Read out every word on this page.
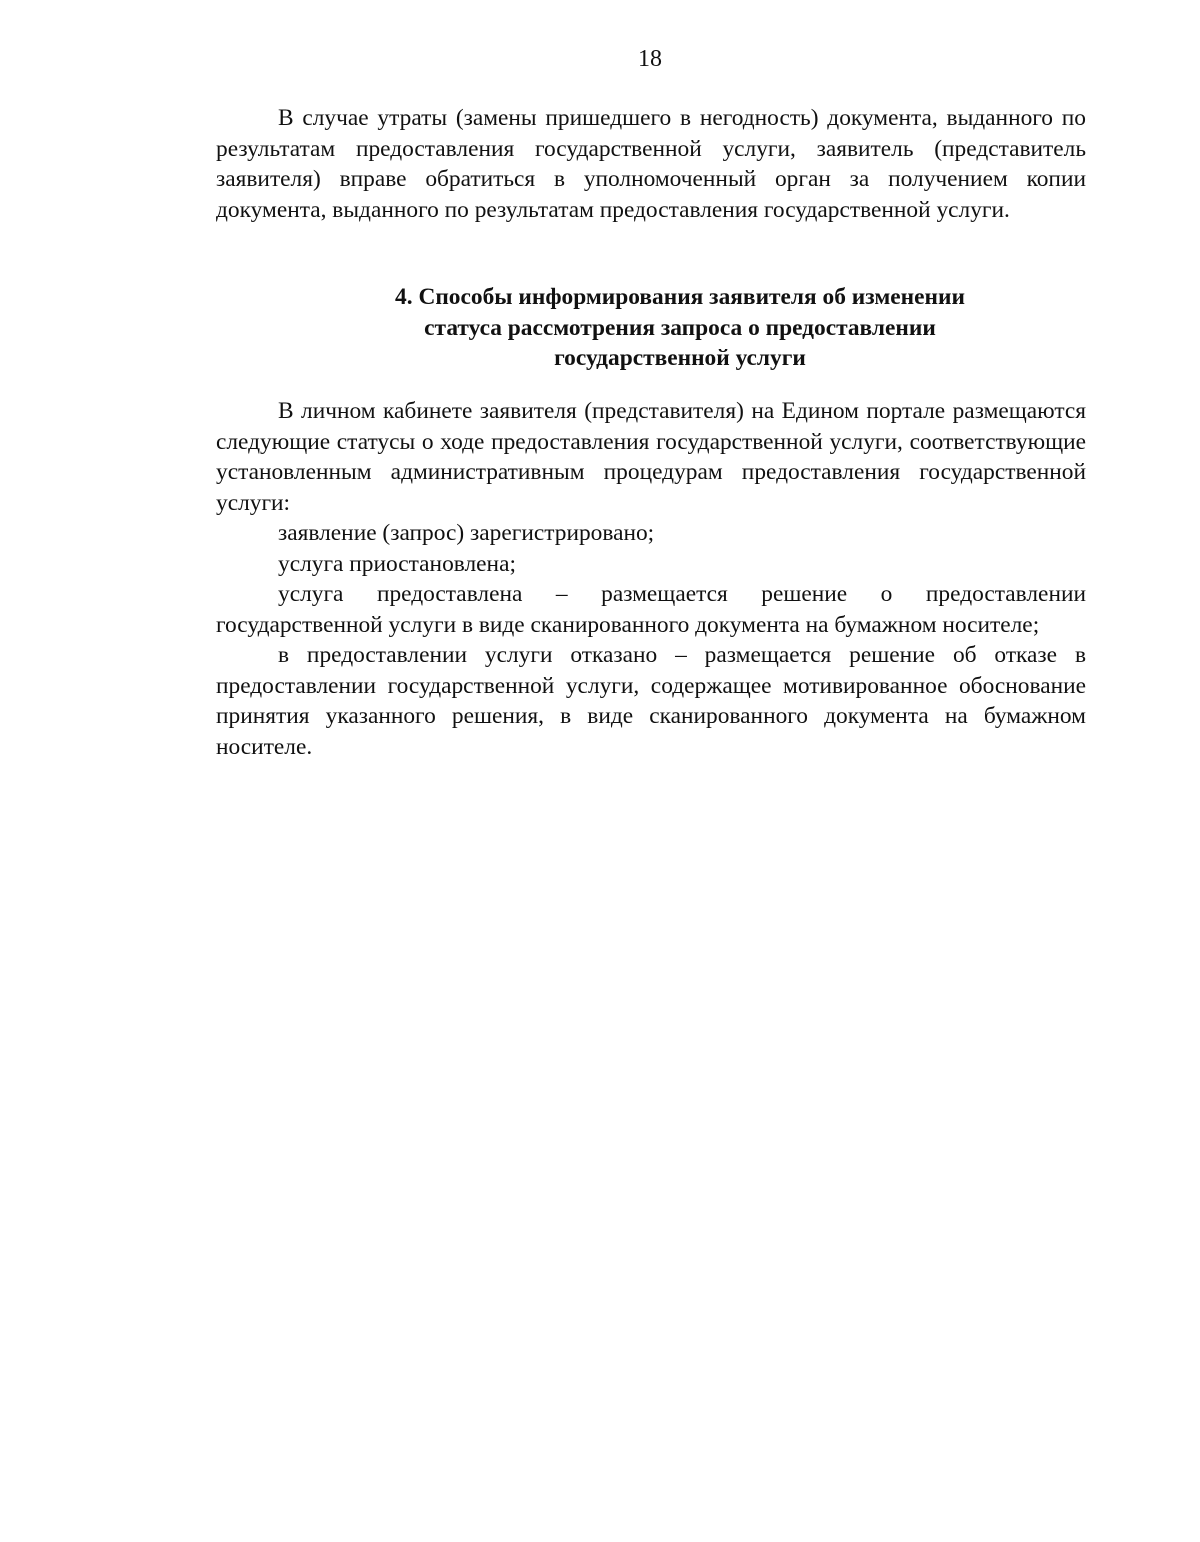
18

В случае утраты (замены пришедшего в негодность) документа, выданного по результатам предоставления государственной услуги, заявитель (представитель заявителя) вправе обратиться в уполномоченный орган за получением копии документа, выданного по результатам предоставления государственной услуги.

4. Способы информирования заявителя об изменении
статуса рассмотрения запроса о предоставлении
государственной услуги

В личном кабинете заявителя (представителя) на Едином портале размещаются следующие статусы о ходе предоставления государственной услуги, соответствующие установленным административным процедурам предоставления государственной услуги:

заявление (запрос) зарегистрировано;

услуга приостановлена;

услуга предоставлена – размещается решение о предоставлении государственной услуги в виде сканированного документа на бумажном носителе;

в предоставлении услуги отказано – размещается решение об отказе в предоставлении государственной услуги, содержащее мотивированное обоснование принятия указанного решения, в виде сканированного документа на бумажном носителе.
